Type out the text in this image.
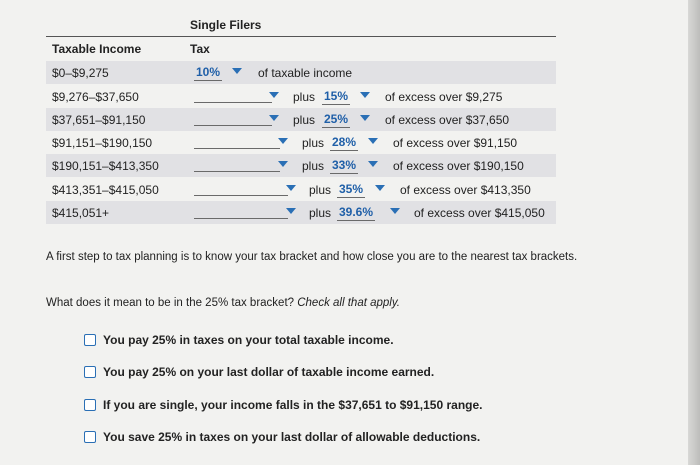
Single Filers
Taxable Income	Tax
$0–$9,275	10%	of taxable income
$9,276–$37,650	plus 15%	of excess over $9,275
$37,651–$91,150	plus 25%	of excess over $37,650
$91,151–$190,150	plus 28%	of excess over $91,150
$190,151–$413,350	plus 33%	of excess over $190,150
$413,351–$415,050	plus 35%	of excess over $413,350
$415,051+	plus 39.6%	of excess over $415,050
A first step to tax planning is to know your tax bracket and how close you are to the nearest tax brackets.
What does it mean to be in the 25% tax bracket? Check all that apply.
You pay 25% in taxes on your total taxable income.
You pay 25% on your last dollar of taxable income earned.
If you are single, your income falls in the $37,651 to $91,150 range.
You save 25% in taxes on your last dollar of allowable deductions.
